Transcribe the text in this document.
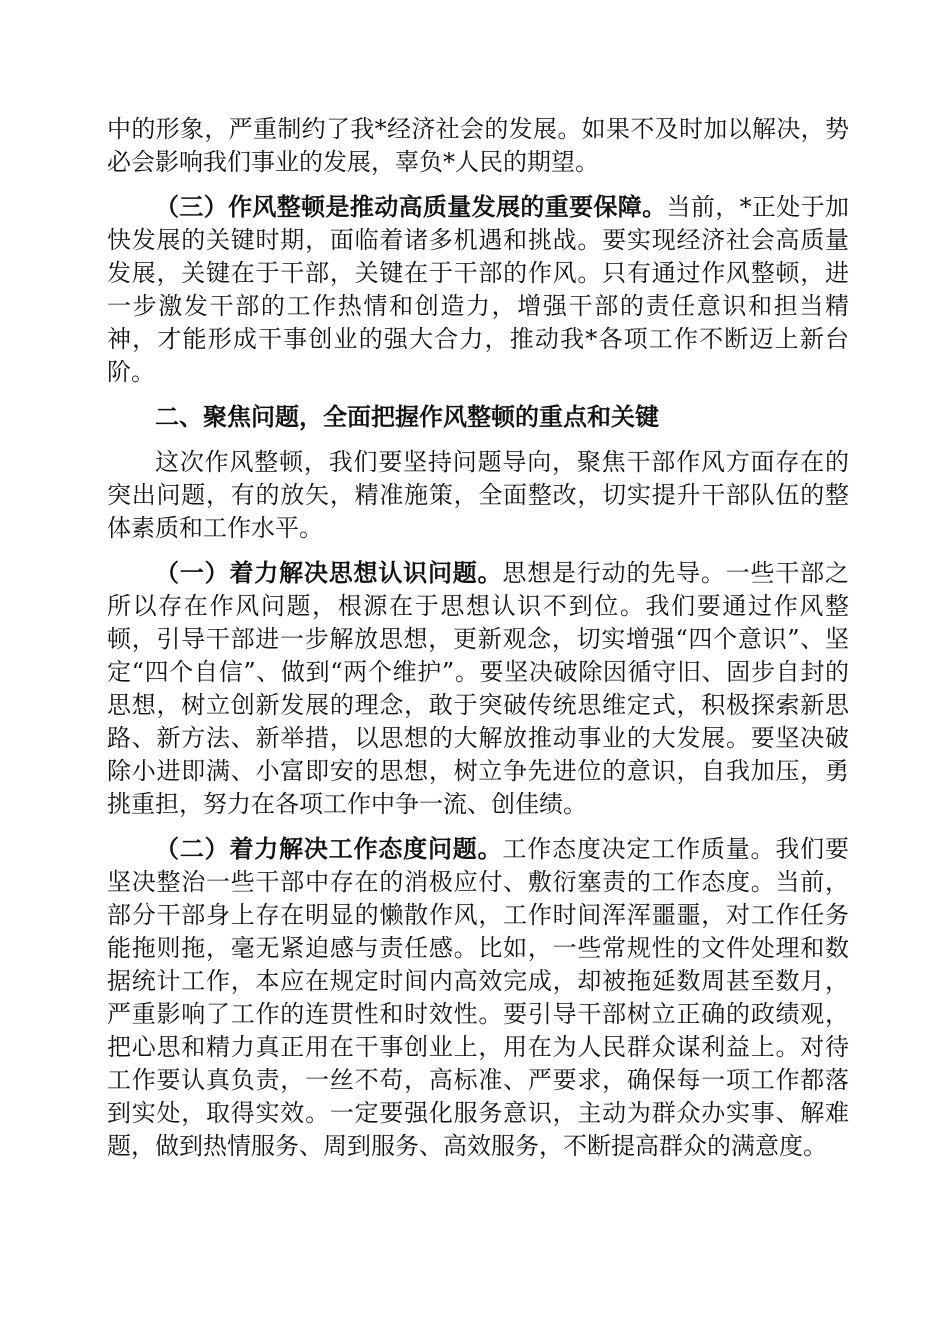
中的形象，严重制约了我*经济社会的发展。如果不及时加以解决，势必会影响我们事业的发展，辜负*人民的期望。

（三）作风整顿是推动高质量发展的重要保障。当前，*正处于加快发展的关键时期，面临着诸多机遇和挑战。要实现经济社会高质量发展，关键在于干部，关键在于干部的作风。只有通过作风整顿，进一步激发干部的工作热情和创造力，增强干部的责任意识和担当精神，才能形成干事创业的强大合力，推动我*各项工作不断迈上新台阶。

二、聚焦问题，全面把握作风整顿的重点和关键

这次作风整顿，我们要坚持问题导向，聚焦干部作风方面存在的突出问题，有的放矢，精准施策，全面整改，切实提升干部队伍的整体素质和工作水平。

（一）着力解决思想认识问题。思想是行动的先导。一些干部之所以存在作风问题，根源在于思想认识不到位。我们要通过作风整顿，引导干部进一步解放思想，更新观念，切实增强“四个意识”、坚定“四个自信”、做到“两个维护”。要坚决破除因循守旧、固步自封的思想，树立创新发展的理念，敢于突破传统思维定式，积极探索新思路、新方法、新举措，以思想的大解放推动事业的大发展。要坚决破除小进即满、小富即安的思想，树立争先进位的意识，自我加压，勇挑重担，努力在各项工作中争一流、创佳绩。

（二）着力解决工作态度问题。工作态度决定工作质量。我们要坚决整治一些干部中存在的消极应付、敷衍塞责的工作态度。当前，部分干部身上存在明显的懒散作风，工作时间浑浑噩噩，对工作任务能拖则拖，毫无紧迫感与责任感。比如，一些常规性的文件处理和数据统计工作，本应在规定时间内高效完成，却被拖延数周甚至数月，严重影响了工作的连贯性和时效性。要引导干部树立正确的政绩观，把心思和精力真正用在干事创业上，用在为人民群众谋利益上。对待工作要认真负责，一丝不苟，高标准、严要求，确保每一项工作都落到实处，取得实效。一定要强化服务意识，主动为群众办实事、解难题，做到热情服务、周到服务、高效服务，不断提高群众的满意度。
